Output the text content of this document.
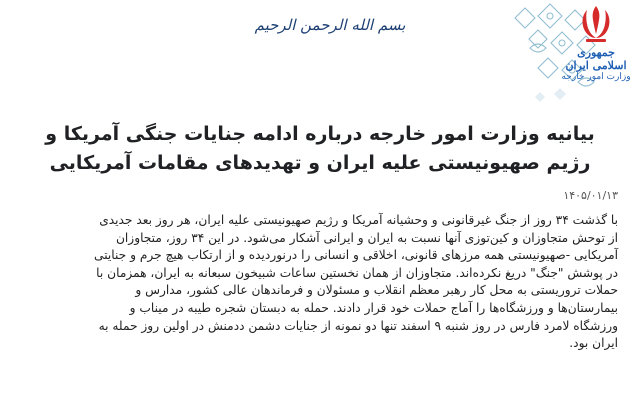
بسم الله الرحمن الرحیم
جمهوری اسلامی ایران
وزارت امور خارجه
بیانیه وزارت امور خارجه درباره ادامه جنایات جنگی آمریکا و
رژیم صهیونیستی علیه ایران و تهدیدهای مقامات آمریکایی
۱۴۰۵/۰۱/۱۳
با گذشت ۳۴ روز از جنگ غیرقانونی و وحشیانه آمریکا و رژیم صهیونیستی علیه ایران، هر روز بعد جدیدی
از توحش متجاوزان و کین‌توزی آنها نسبت به ایران و ایرانی آشکار می‌شود. در این ۳۴ روز، متجاوزان
آمریکایی -صهیونیستی همه مرزهای قانونی، اخلاقی و انسانی را درنوردیده و از ارتکاب هیچ جرم و جنایتی
در پوشش "جنگ" دریغ نکرده‌اند. متجاوزان از همان نخستین ساعات شبیخون سبعانه به ایران، همزمان با
حملات تروریستی به محل کار رهبر معظم انقلاب و مسئولان و فرماندهان عالی کشور، مدارس و
بیمارستان‌ها و ورزشگاه‌ها را آماج حملات خود قرار دادند. حمله به دبستان شجره طیبه در میناب و
ورزشگاه لامرد فارس در روز شنبه ۹ اسفند تنها دو نمونه از جنایات دشمن ددمنش در اولین روز حمله به
ایران بود.
